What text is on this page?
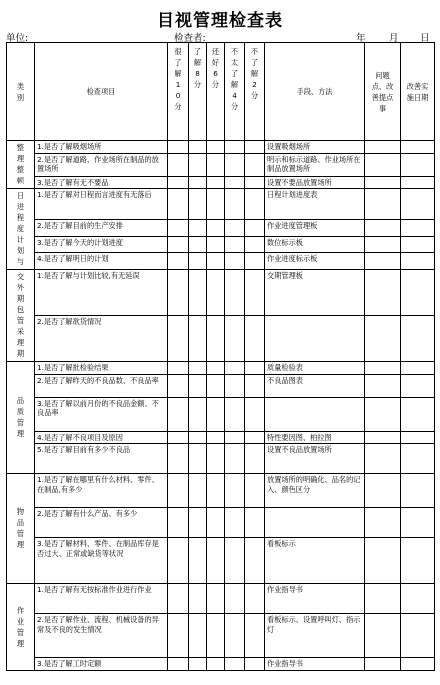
目视管理检查表
单位:	检查者:	年 月 日
类 别	检查项目	很了解10分	了解8分	还好6分	不太了解4分	不了解2分	手段、方法	问题点、改善提点事	改善实施日期
整理整顿	1.是否了解吸烟场所						设置吸烟场所		
	2.是否了解道路、作业场所在制品的放置场所						明示和标示道路、作业场所在制品放置场所		
	3.是否了解有无不要品						设置不要品放置场所		
日进程度计划与	1.是否了解对日程而言进度有无落后						日程计划进度表		
	2.是否了解目前的生产安排						作业进度管理板		
	3.是否了解今天的计划进度						数位标示板		
	4.是否了解明日的计划						作业进度标示板		
交外期包管采理期	1.是否了解与计划比较,有无延误						交期管理板		
	2.是否了解欲货情况								
品质管理	1.是否了解批检验结果						质量检验表		
	2.是否了解昨天的不良品数、不良品率						不良品图表		
	3.是否了解以前月份的不良品金额、不良品率								
	4.是否了解不良项目及原因						特性要因图、柏拉图		
	5.是否了解目前有多少不良品						设置不良品放置场所		
物品管理	1.是否了解在哪里有什么材料、零件、在制品,有多少						放置场所的明确化、品名的记入、颜色区分		
	2.是否了解有什么产品、有多少								
	3.是否了解材料、零件、在制品库存是否过大、正常或缺货等状况						看板标示		
作业管理	1.是否了解有无按标准作业进行作业						作业指导书		
	2.是否了解作业、流程、机械设备的异常及不良的发生情况						看板标示、设置呼叫灯、指示灯		
	3.是否了解工时定额						作业指导书		
